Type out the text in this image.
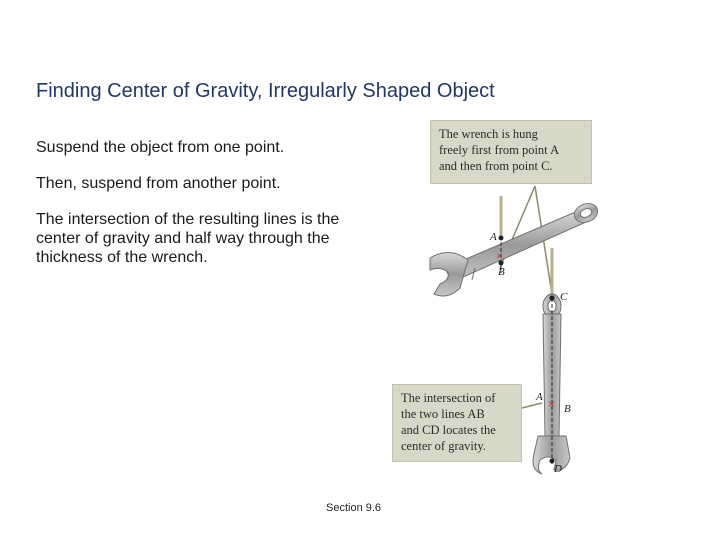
Finding Center of Gravity, Irregularly Shaped Object

Suspend the object from one point.

Then, suspend from another point.

The intersection of the resulting lines is the center of gravity and half way through the thickness of the wrench.

A
B
×
C
D
A
B
×
The wrench is hung
freely first from point A
and then from point C.
The intersection of
the two lines AB
and CD locates the
center of gravity.
Section 9.6
